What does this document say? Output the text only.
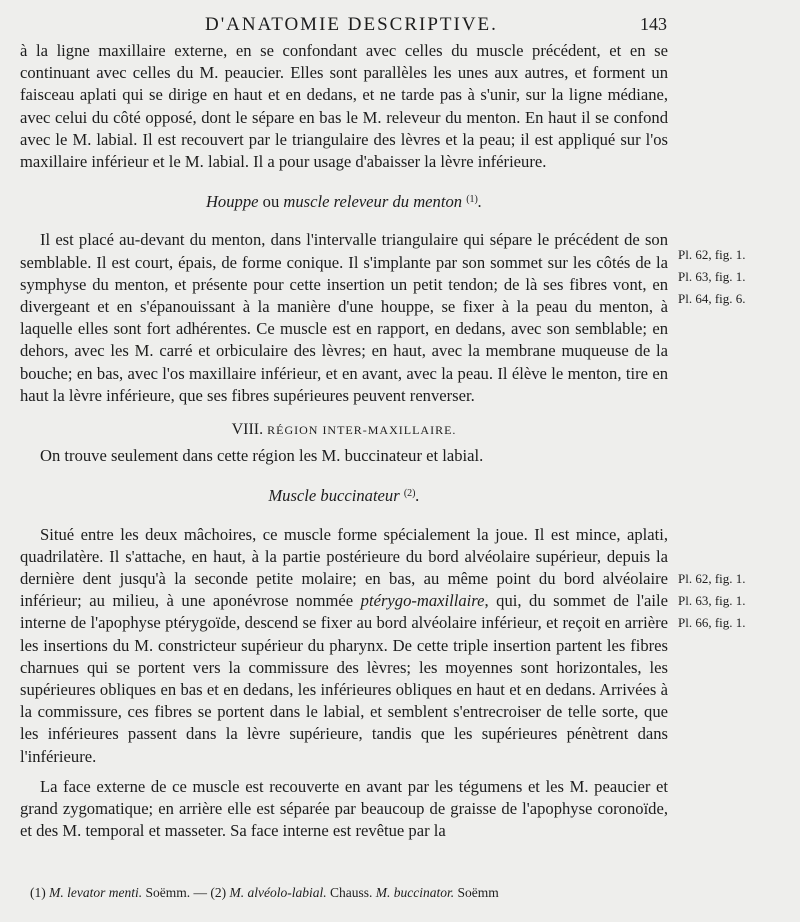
D'ANATOMIE DESCRIPTIVE.	143

à la ligne maxillaire externe, en se confondant avec celles du muscle précédent, et en se continuant avec celles du M. peaucier. Elles sont parallèles les unes aux autres, et forment un faisceau aplati qui se dirige en haut et en dedans, et ne tarde pas à s'unir, sur la ligne médiane, avec celui du côté opposé, dont le sépare en bas le M. releveur du menton. En haut il se confond avec le M. labial. Il est recouvert par le triangulaire des lèvres et la peau; il est appliqué sur l'os maxillaire inférieur et le M. labial. Il a pour usage d'abaisser la lèvre inférieure.

Houppe ou muscle releveur du menton $^{(1)}$.

Il est placé au-devant du menton, dans l'intervalle triangulaire qui sépare le précédent de son semblable. Il est court, épais, de forme conique. Il s'implante par son sommet sur les côtés de la symphyse du menton, et présente pour cette insertion un petit tendon; de là ses fibres vont, en divergeant et en s'épanouissant à la manière d'une houppe, se fixer à la peau du menton, à laquelle elles sont fort adhérentes. Ce muscle est en rapport, en dedans, avec son semblable; en dehors, avec les M. carré et orbiculaire des lèvres; en haut, avec la membrane muqueuse de la bouche; en bas, avec l'os maxillaire inférieur, et en avant, avec la peau. Il élève le menton, tire en haut la lèvre inférieure, que ses fibres supérieures peuvent renverser.

VIII. RÉGION INTER-MAXILLAIRE.

On trouve seulement dans cette région les M. buccinateur et labial.

Muscle buccinateur $^{(2)}$.

Situé entre les deux mâchoires, ce muscle forme spécialement la joue. Il est mince, aplati, quadrilatère. Il s'attache, en haut, à la partie postérieure du bord alvéolaire supérieur, depuis la dernière dent jusqu'à la seconde petite molaire; en bas, au même point du bord alvéolaire inférieur; au milieu, à une aponévrose nommée ptérygo-maxillaire, qui, du sommet de l'aile interne de l'apophyse ptérygoïde, descend se fixer au bord alvéolaire inférieur, et reçoit en arrière les insertions du M. constricteur supérieur du pharynx. De cette triple insertion partent les fibres charnues qui se portent vers la commissure des lèvres; les moyennes sont horizontales, les supérieures obliques en bas et en dedans, les inférieures obliques en haut et en dedans. Arrivées à la commissure, ces fibres se portent dans le labial, et semblent s'entrecroiser de telle sorte, que les inférieures passent dans la lèvre supérieure, tandis que les supérieures pénètrent dans l'inférieure.

La face externe de ce muscle est recouverte en avant par les tégumens et les M. peaucier et grand zygomatique; en arrière elle est séparée par beaucoup de graisse de l'apophyse coronoïde, et des M. temporal et masseter. Sa face interne est revêtue par la

Pl. 62, fig. 1.
Pl. 63, fig. 1.
Pl. 64, fig. 6.
Pl. 62, fig. 1.
Pl. 63, fig. 1.
Pl. 66, fig. 1.
(1) M. levator menti. Soëmm. — (2) M. alvéolo-labial. Chauss. M. buccinator. Soëmm
